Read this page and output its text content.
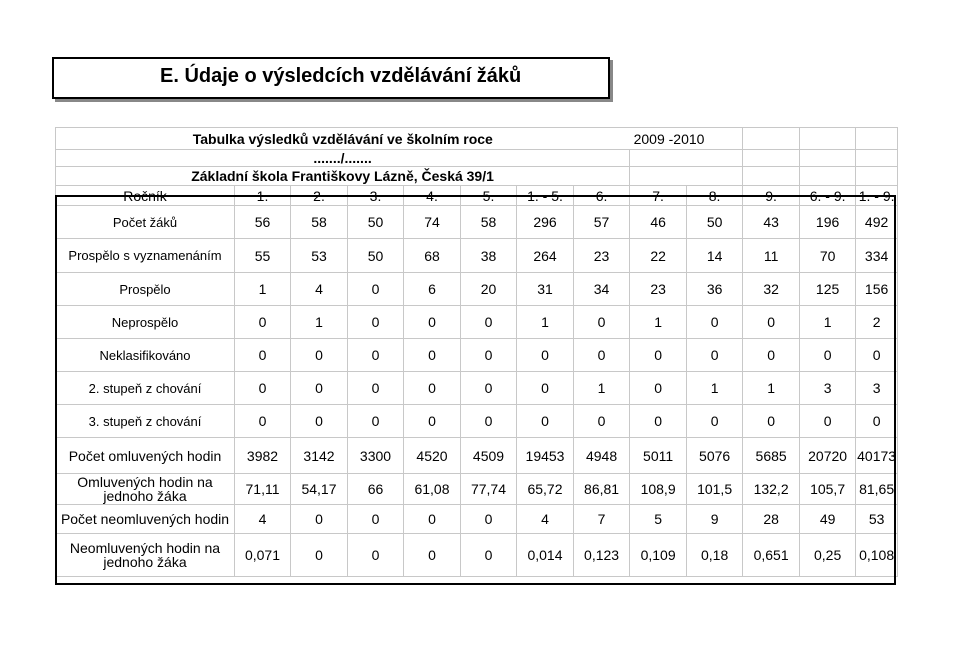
E. Údaje o výsledcích vzdělávání žáků
Tabulka výsledků vzdělávání ve školním roce								2009 -2010				
......./.......												
Základní škola Františkovy Lázně, Česká 39/1												
Ročník	1.	2.	3.	4.	5.	1. - 5.	6.	7.	8.	9.	6. - 9.	1. - 9.
Počet žáků	56	58	50	74	58	296	57	46	50	43	196	492
Prospělo s vyznamenáním	55	53	50	68	38	264	23	22	14	11	70	334
Prospělo	1	4	0	6	20	31	34	23	36	32	125	156
Neprospělo	0	1	0	0	0	1	0	1	0	0	1	2
Neklasifikováno	0	0	0	0	0	0	0	0	0	0	0	0
2. stupeň z chování	0	0	0	0	0	0	1	0	1	1	3	3
3. stupeň z chování	0	0	0	0	0	0	0	0	0	0	0	0
Počet omluvených hodin	3982	3142	3300	4520	4509	19453	4948	5011	5076	5685	20720	40173
Omluvených hodin na jednoho žáka	71,11	54,17	66	61,08	77,74	65,72	86,81	108,9	101,5	132,2	105,7	81,65
Počet neomluvených hodin	4	0	0	0	0	4	7	5	9	28	49	53
Neomluvených hodin na jednoho žáka	0,071	0	0	0	0	0,014	0,123	0,109	0,18	0,651	0,25	0,108
